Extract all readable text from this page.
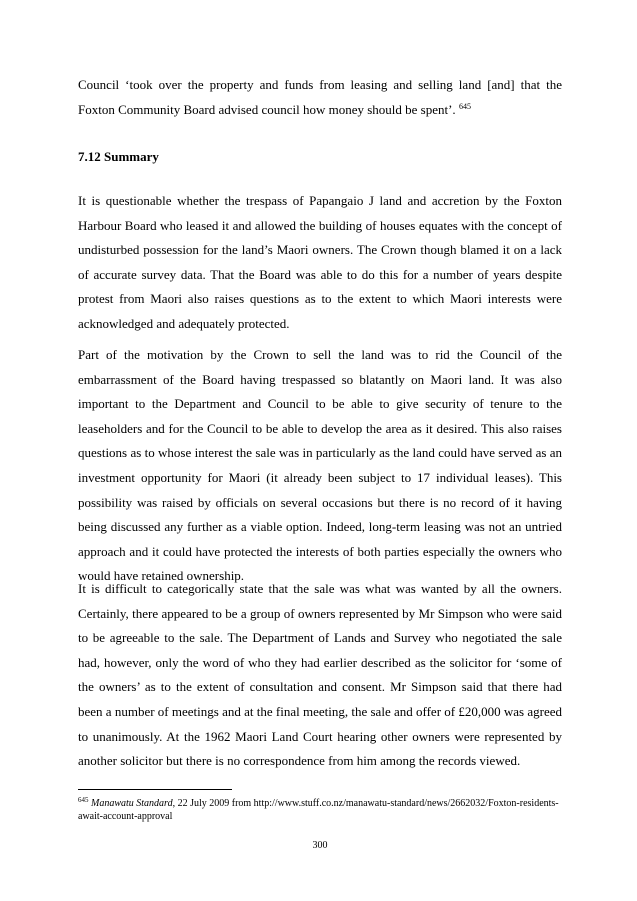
Council ‘took over the property and funds from leasing and selling land [and] that the Foxton Community Board advised council how money should be spent’. $^{645}$

7.12 Summary

It is questionable whether the trespass of Papangaio J land and accretion by the Foxton Harbour Board who leased it and allowed the building of houses equates with the concept of undisturbed possession for the land’s Maori owners. The Crown though blamed it on a lack of accurate survey data. That the Board was able to do this for a number of years despite protest from Maori also raises questions as to the extent to which Maori interests were acknowledged and adequately protected.

Part of the motivation by the Crown to sell the land was to rid the Council of the embarrassment of the Board having trespassed so blatantly on Maori land. It was also important to the Department and Council to be able to give security of tenure to the leaseholders and for the Council to be able to develop the area as it desired. This also raises questions as to whose interest the sale was in particularly as the land could have served as an investment opportunity for Maori (it already been subject to 17 individual leases). This possibility was raised by officials on several occasions but there is no record of it having being discussed any further as a viable option. Indeed, long-term leasing was not an untried approach and it could have protected the interests of both parties especially the owners who would have retained ownership.

It is difficult to categorically state that the sale was what was wanted by all the owners. Certainly, there appeared to be a group of owners represented by Mr Simpson who were said to be agreeable to the sale. The Department of Lands and Survey who negotiated the sale had, however, only the word of who they had earlier described as the solicitor for ‘some of the owners’ as to the extent of consultation and consent. Mr Simpson said that there had been a number of meetings and at the final meeting, the sale and offer of £20,000 was agreed to unanimously. At the 1962 Maori Land Court hearing other owners were represented by another solicitor but there is no correspondence from him among the records viewed.

$^{645}$ Manawatu Standard, 22 July 2009 from http://www.stuff.co.nz/manawatu-standard/news/2662032/Foxton-residents-await-account-approval

300
